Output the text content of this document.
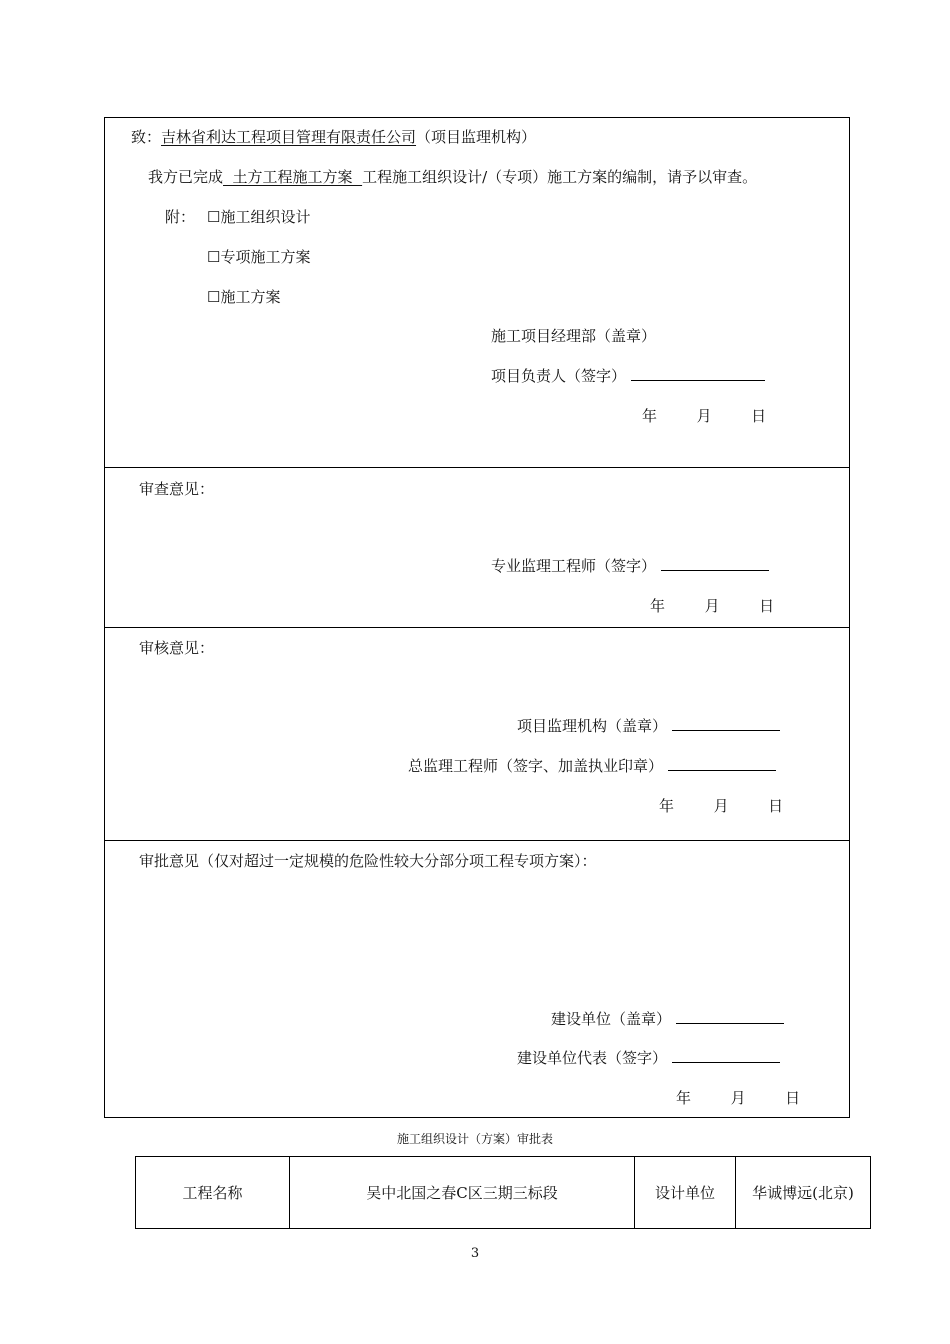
致：吉林省利达工程项目管理有限责任公司（项目监理机构）
我方已完成  土方工程施工方案  工程施工组织设计/（专项）施工方案的编制，请予以审查。
附： ☐施工组织设计
☐专项施工方案
☐施工方案
施工项目经理部（盖章）
项目负责人（签字）
年	月	日
审查意见：
专业监理工程师（签字）
年	月	日
审核意见：
项目监理机构（盖章）
总监理工程师（签字、加盖执业印章）
年	月	日
审批意见（仅对超过一定规模的危险性较大分部分项工程专项方案）：
建设单位（盖章）
建设单位代表（签字）
年	月	日
施工组织设计（方案）审批表
工程名称	吴中北国之春C区三期三标段	设计单位	华诚博远(北京)
3
